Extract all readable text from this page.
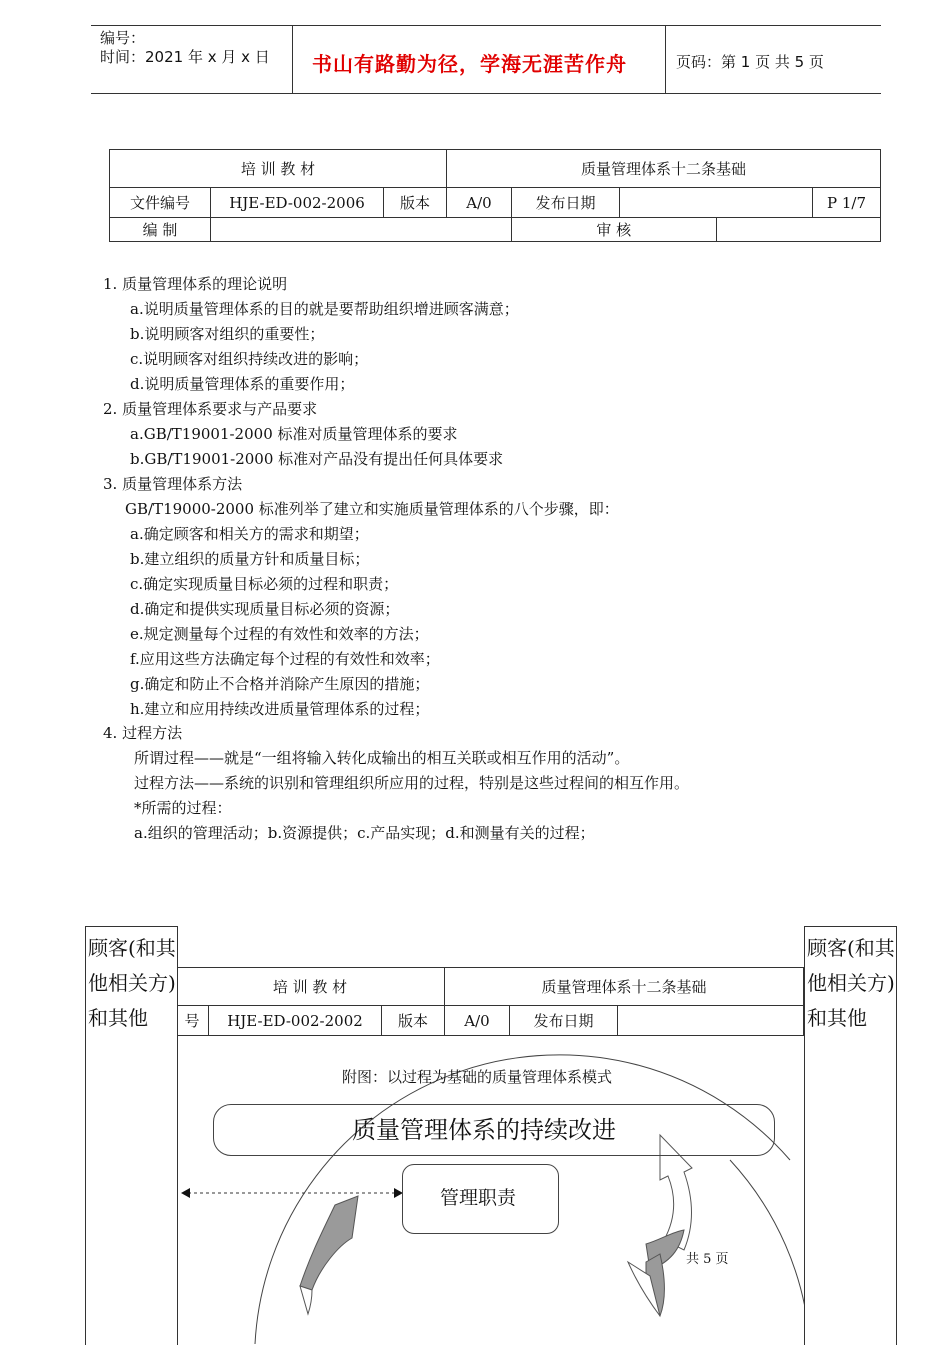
编号：
时间：2021 年 x 月 x 日 书山有路勤为径，学海无涯苦作舟	页码：第 1 页 共 5 页
培 训 教 材			质量管理体系十二条基础				
文件编号	HJE-ED-002-2006	版本	A/0	发布日期			P 1/7
编 制				审 核			
1. 质量管理体系的理论说明
a.说明质量管理体系的目的就是要帮助组织增进顾客满意；
b.说明顾客对组织的重要性；
c.说明顾客对组织持续改进的影响；
d.说明质量管理体系的重要作用；
2. 质量管理体系要求与产品要求
a.GB/T19001-2000 标准对质量管理体系的要求
b.GB/T19001-2000 标准对产品没有提出任何具体要求
3. 质量管理体系方法
GB/T19000-2000 标准列举了建立和实施质量管理体系的八个步骤，即：
a.确定顾客和相关方的需求和期望；
b.建立组织的质量方针和质量目标；
c.确定实现质量目标必须的过程和职责；
d.确定和提供实现质量目标必须的资源；
e.规定测量每个过程的有效性和效率的方法；
f.应用这些方法确定每个过程的有效性和效率；
g.确定和防止不合格并消除产生原因的措施；
h.建立和应用持续改进质量管理体系的过程；
4. 过程方法
所谓过程——就是“一组将输入转化成输出的相互关联或相互作用的活动”。
过程方法——系统的识别和管理组织所应用的过程，特别是这些过程间的相互作用。
*所需的过程：
a.组织的管理活动；b.资源提供；c.产品实现；d.和测量有关的过程；
培 训 教 材			质量管理体系十二条基础		
号	HJE-ED-002-2002	版本	A/0	发布日期	
顾客(和其
他相关方)
和其他
顾客(和其
他相关方)
和其他
附图：以过程为基础的质量管理体系模式
质量管理体系的持续改进
管理职责
共 5 页
